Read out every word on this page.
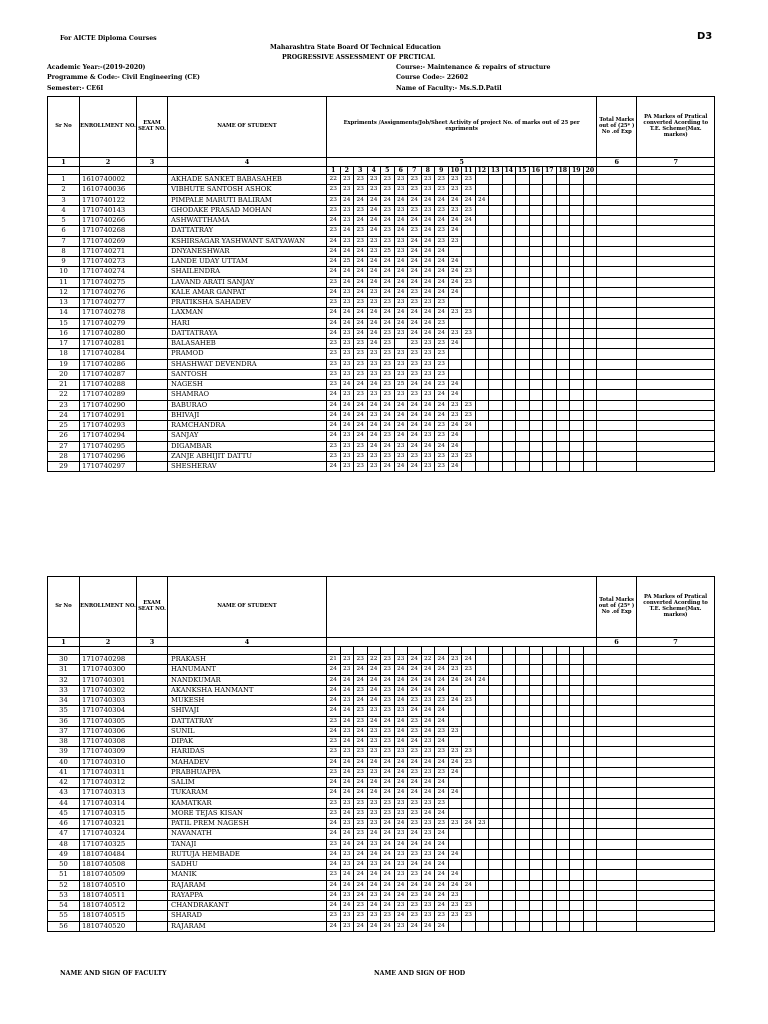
For AICTE Diploma Courses	D3
Maharashtra State Board Of Technical Education
PROGRESSIVE ASSESSMENT OF PRCTICAL
Academic Year:-(2019-2020)
Programme & Code:- Civil Engineering (CE)
Semester:- CE6I
Course:- Maintenance & repairs of structure
Course Code:- 22602
Name of Faculty:- Ms.S.D.Patil
Sr No	ENROLLMENT NO.	EXAM SEAT NO.	NAME OF STUDENT	Expriments /Assignments/Job/Sheet Activity of project No. of marks out of 25 per expriments																				Total Marks out of (25* ) No .of Exp	PA Markes of Pratical converted Acording to T.E. Scheme(Max. markes)
1	2	3	4	5																				6	7
				1	2	3	4	5	6	7	8	9	10	11	12	13	14	15	16	17	18	19	20		
1	1610740002		AKHADE SANKET BABASAHEB	22	23	23	23	23	23	23	23	23	23	23											
2	1610740036		VIBHUTE SANTOSH ASHOK	23	23	23	23	23	23	23	23	23	23	23											
3	1710740122		PIMPALE MARUTI BALIRAM	23	24	24	24	24	24	24	24	24	24	24	24										
4	1710740143		GHODAKE PRASAD MOHAN	23	23	23	24	23	23	23	23	23	23	23											
5	1710740266		ASHWATTHAMA	24	23	24	24	24	24	24	24	24	24	24											
6	1710740268		DATTATRAY	23	24	23	24	23	24	23	24	23	24												
7	1710740269		KSHIRSAGAR YASHWANT SATYAWAN	24	23	23	23	23	23	24	24	23	23												
8	1710740271		DNYANESHWAR	24	24	24	23	25	23	24	24	24													
9	1710740273		LANDE UDAY UTTAM	24	25	24	24	24	24	24	24	24	24												
10	1710740274		SHAILENDRA	24	24	24	24	24	24	24	24	24	24	23											
11	1710740275		LAVAND ARATI SANJAY	23	24	24	24	24	24	24	24	24	24	23											
12	1710740276		KALE AMAR GANPAT	24	23	24	23	24	24	23	24	24	24												
13	1710740277		PRATIKSHA SAHADEV	23	23	23	23	23	23	23	23	23													
14	1710740278		LAXMAN	24	24	24	24	24	24	24	24	24	23	23											
15	1710740279		HARI	24	24	24	24	24	24	24	24	23													
16	1710740280		DATTATRAYA	24	23	24	24	23	23	24	24	24	23	23											
17	1710740281		BALASAHEB	23	23	23	24	23		23	23	23	24												
18	1710740284		PRAMOD	23	23	23	23	23	23	23	23	23													
19	1710740286		SHASHWAT DEVENDRA	23	23	23	23	23	23	23	23	23													
20	1710740287		SANTOSH	23	23	23	23	23	23	23	23	23													
21	1710740288		NAGESH	23	24	24	24	23	25	24	24	23	24												
22	1710740289		SHAMRAO	24	23	23	23	23	23	23	23	24	24												
23	1710740290		BABURAO	24	24	24	24	24	24	24	24	24	23	23											
24	1710740291		BHIVAJI	24	24	24	23	24	24	24	24	24	23	23											
25	1710740293		RAMCHANDRA	24	24	24	24	24	24	24	24	23	24	24											
26	1710740294		SANJAY	24	23	24	24	23	24	24	23	23	24												
27	1710740295		DIGAMBAR	23	23	23	24	24	23	24	24	24	24												
28	1710740296		ZANJE ABHIJIT DATTU	23	23	23	23	23	23	23	23	23	23	23											
29	1710740297		SHESHERAV	24	23	23	23	24	24	24	23	23	24												
Sr No	ENROLLMENT NO.	EXAM SEAT NO.	NAME OF STUDENT																					Total Marks out of (25* ) No .of Exp	PA Markes of Pratical converted Acording to T.E. Scheme(Max. markes)
1	2	3	4																					6	7

30	1710740298		PRAKASH	21	23	23	22	23	23	24	22	24	23	24											
31	1710740300		HANUMANT	24	23	24	24	23	24	24	24	24	23	23											
32	1710740301		NANDKUMAR	24	24	24	24	24	24	24	24	24	24	24	24										
33	1710740302		AKANKSHA HANMANT	24	24	23	24	23	24	24	24	24													
34	1710740303		MUKESH	24	23	24	24	23	24	23	23	23	24	23											
35	1710740304		SHIVAJI	24	24	23	23	23	23	24	24	24													
36	1710740305		DATTATRAY	23	24	23	24	24	24	23	24	24													
37	1710740306		SUNIL	24	23	24	23	23	24	23	24	23	23												
38	1710740308		DIPAK	23	24	24	23	23	24	24	23	24													
39	1710740309		HARIDAS	23	23	23	23	23	23	23	23	23	23	23											
40	1710740310		MAHADEV	24	24	24	24	24	24	24	24	24	24	23											
41	1710740311		PRABHUAPPA	23	24	23	23	24	24	23	23	23	24												
42	1710740312		SALIM	24	24	24	24	24	24	24	24	24													
43	1710740313		TUKARAM	24	24	24	24	24	24	24	24	24	24												
44	1710740314		KAMATKAR	23	23	23	23	23	23	23	23	23													
45	1710740315		MORE TEJAS KISAN	23	24	23	23	23	23	23	24	24													
46	1710740321		PATIL PREM NAGESH	24	23	23	23	24	24	23	23	23	23	24	23										
47	1710740324		NAVANATH	24	24	23	24	24	23	24	23	24													
48	1710740325		TANAJI	23	24	24	23	24	24	24	24	24													
49	1810740484		RUTUJA HEMBADE	24	23	24	24	24	23	23	23	24	24												
50	1810740508		SADHU	24	23	24	23	24	23	24	24	24													
51	1810740509		MANIK	23	24	24	24	24	23	23	24	24	24												
52	1810740510		RAJARAM	24	24	24	24	24	24	24	24	24	24	24											
53	1810740511		RAYAPPA	24	23	24	23	24	24	23	24	24	23												
54	1810740512		CHANDRAKANT	24	24	23	24	24	23	23	23	24	23	23											
55	1810740515		SHARAD	23	23	23	23	23	24	23	23	23	23	23											
56	1810740520		RAJARAM	24	23	24	24	24	23	24	24	24													
NAME AND SIGN OF FACULTY	NAME AND SIGN OF HOD
